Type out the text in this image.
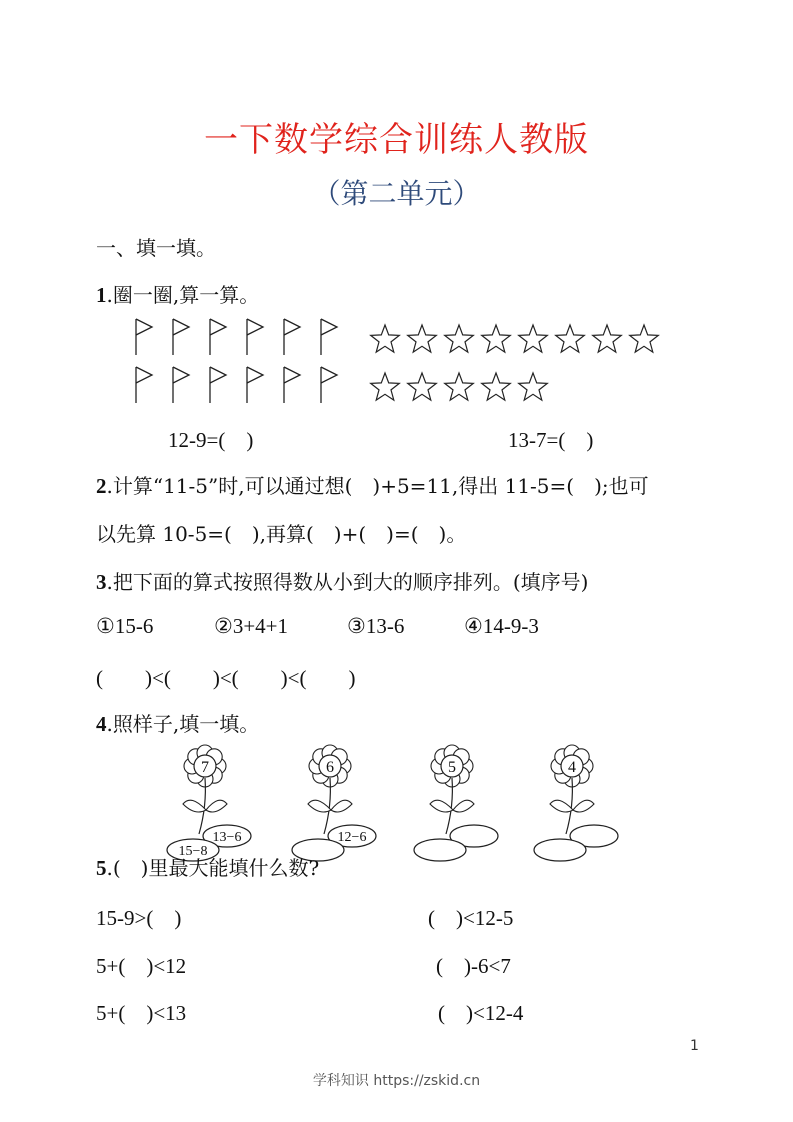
一下数学综合训练人教版
（第二单元）
一、填一填。
1.圈一圈,算一算。
12-9=(　)	13-7=(　)
2.计算“11-5”时,可以通过想(　)+5=11,得出 11-5=(　);也可
以先算 10-5=(　),再算(　)+(　)=(　)。
3.把下面的算式按照得数从小到大的顺序排列。(填序号)
①15-6	②3+4+1	③13-6	④14-9-3
(　　)<(　　)<(　　)<(　　)
4.照样子,填一填。
7
13−6
15−8
6
12−6
5	4
5.(　)里最大能填什么数?
15-9>(　)	(　)<12-5
5+(　)<12	(　)-6<7
5+(　)<13	(　)<12-4
1
学科知识 https://zskid.cn
